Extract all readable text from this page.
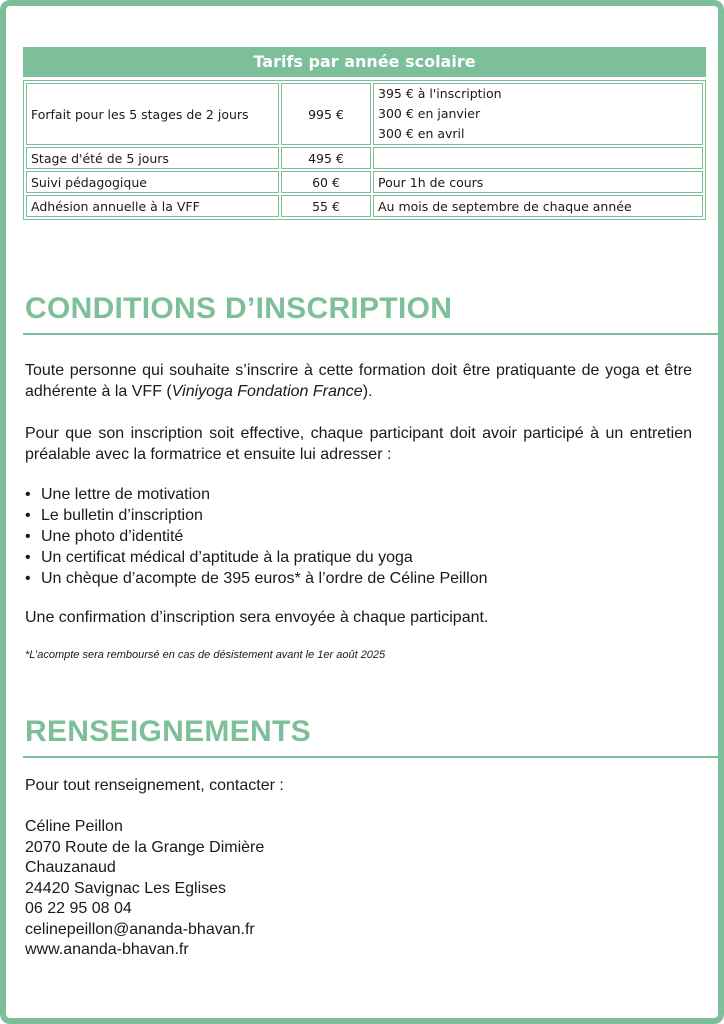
Tarifs par année scolaire
Forfait pour les 5 stages de 2 jours	995 €	395 € à l'inscription
300 € en janvier
300 € en avril

Stage d'été de 5 jours	495 €	
Suivi pédagogique	60 €	Pour 1h de cours
Adhésion annuelle à la VFF	55 €	Au mois de septembre de chaque année
CONDITIONS D’INSCRIPTION

Toute personne qui souhaite s’inscrire à cette formation doit être pratiquante de yoga et être adhérente à la VFF (Viniyoga Fondation France).

Pour que son inscription soit effective, chaque participant doit avoir participé à un entretien préalable avec la formatrice et ensuite lui adresser :

• Une lettre de motivation
• Le bulletin d’inscription
• Une photo d’identité
• Un certificat médical d’aptitude à la pratique du yoga
• Un chèque d’acompte de 395 euros* à l’ordre de Céline Peillon

Une confirmation d’inscription sera envoyée à chaque participant.

*L’acompte sera remboursé en cas de désistement avant le 1er août 2025
RENSEIGNEMENTS

Pour tout renseignement, contacter :

Céline Peillon
2070 Route de la Grange Dimière
Chauzanaud
24420 Savignac Les Eglises
06 22 95 08 04
celinepeillon@ananda-bhavan.fr
www.ananda-bhavan.fr
